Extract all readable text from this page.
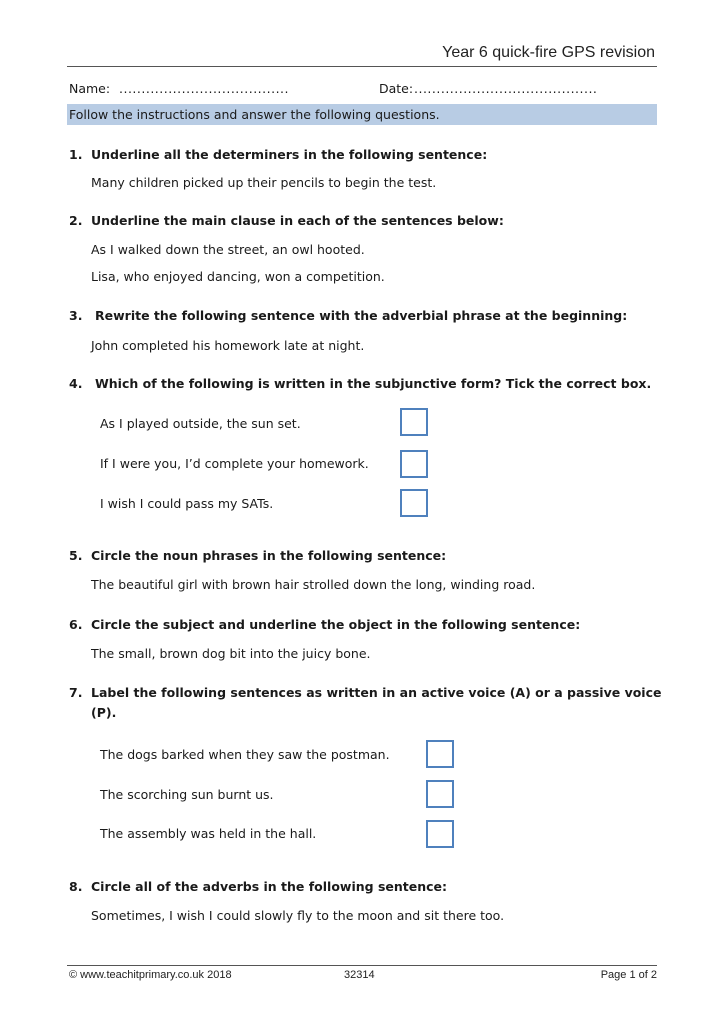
Year 6 quick-fire GPS revision
Name: ......................................	Date: .........................................
Follow the instructions and answer the following questions.
1. Underline all the determiners in the following sentence:
Many children picked up their pencils to begin the test.
2. Underline the main clause in each of the sentences below:
As I walked down the street, an owl hooted.
Lisa, who enjoyed dancing, won a competition.
3. Rewrite the following sentence with the adverbial phrase at the beginning:
John completed his homework late at night.
4. Which of the following is written in the subjunctive form? Tick the correct box.
As I played outside, the sun set.
If I were you, I’d complete your homework.
I wish I could pass my SATs.
5. Circle the noun phrases in the following sentence:
The beautiful girl with brown hair strolled down the long, winding road.
6. Circle the subject and underline the object in the following sentence:
The small, brown dog bit into the juicy bone.
7. Label the following sentences as written in an active voice (A) or a passive voice
(P).
The dogs barked when they saw the postman.
The scorching sun burnt us.
The assembly was held in the hall.
8. Circle all of the adverbs in the following sentence:
Sometimes, I wish I could slowly fly to the moon and sit there too.
© www.teachitprimary.co.uk 2018	32314	Page 1 of 2
